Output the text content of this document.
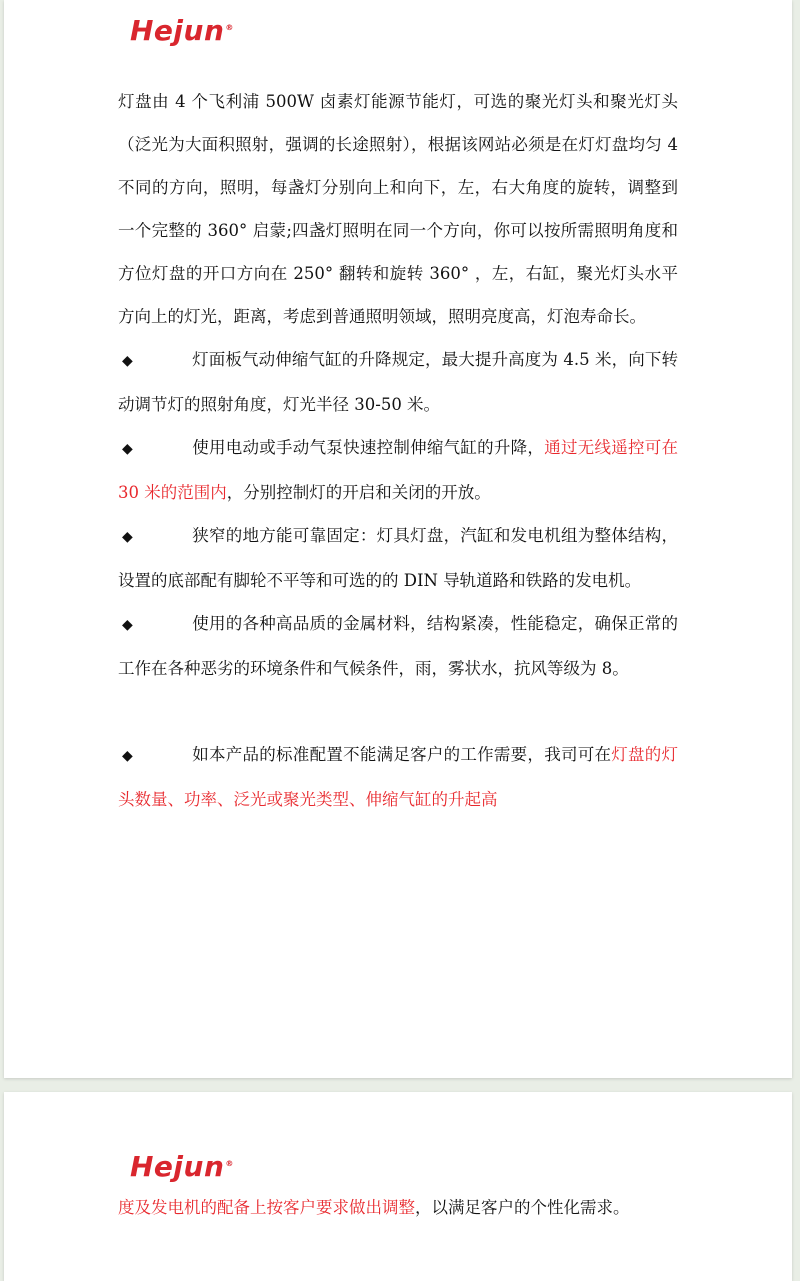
Hejun®

灯盘由 4 个飞利浦 500W 卤素灯能源节能灯，可选的聚光灯头和聚光灯头（泛光为大面积照射，强调的长途照射），根据该网站必须是在灯灯盘均匀 4 不同的方向，照明，每盏灯分别向上和向下，左，右大角度的旋转，调整到一个完整的 360° 启蒙;四盏灯照明在同一个方向，你可以按所需照明角度和方位灯盘的开口方向在 250° 翻转和旋转 360° ，左，右缸，聚光灯头水平方向上的灯光，距离，考虑到普通照明领域，照明亮度高，灯泡寿命长。

◆	灯面板气动伸缩气缸的升降规定，最大提升高度为 4.5 米，向下转动调节灯的照射角度，灯光半径 30-50 米。

◆	使用电动或手动气泵快速控制伸缩气缸的升降，通过无线遥控可在 30 米的范围内，分别控制灯的开启和关闭的开放。

◆	狭窄的地方能可靠固定：灯具灯盘，汽缸和发电机组为整体结构，设置的底部配有脚轮不平等和可选的的 DIN 导轨道路和铁路的发电机。

◆	使用的各种高品质的金属材料，结构紧凑，性能稳定，确保正常的工作在各种恶劣的环境条件和气候条件，雨，雾状水，抗风等级为 8。

◆	如本产品的标准配置不能满足客户的工作需要，我司可在灯盘的灯头数量、功率、泛光或聚光类型、伸缩气缸的升起高

Hejun®

度及发电机的配备上按客户要求做出调整，以满足客户的个性化需求。
